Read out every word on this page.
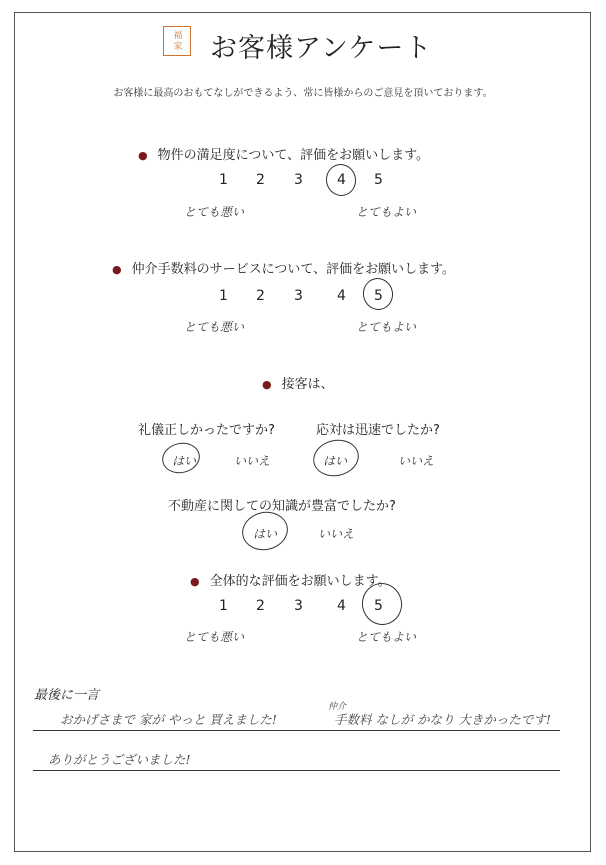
福
家 お客様アンケート
お客様に最高のおもてなしができるよう、常に皆様からのご意見を頂いております。
● 物件の満足度について、評価をお願いします。
1 2 3 4 5
とても悪い	とてもよい
● 仲介手数料のサービスについて、評価をお願いします。
1 2 3 4 5
とても悪い	とてもよい
● 接客は、
礼儀正しかったですか?	応対は迅速でしたか?
はい	いいえ	はい	いいえ
不動産に関しての知識が豊富でしたか?
はい	いいえ
● 全体的な評価をお願いします。
1 2 3 4 5
とても悪い	とてもよい
最後に一言
おかげさまで 家が やっと 買えました!
仲介
手数料 なしが かなり 大きかったです!
ありがとうございました!
